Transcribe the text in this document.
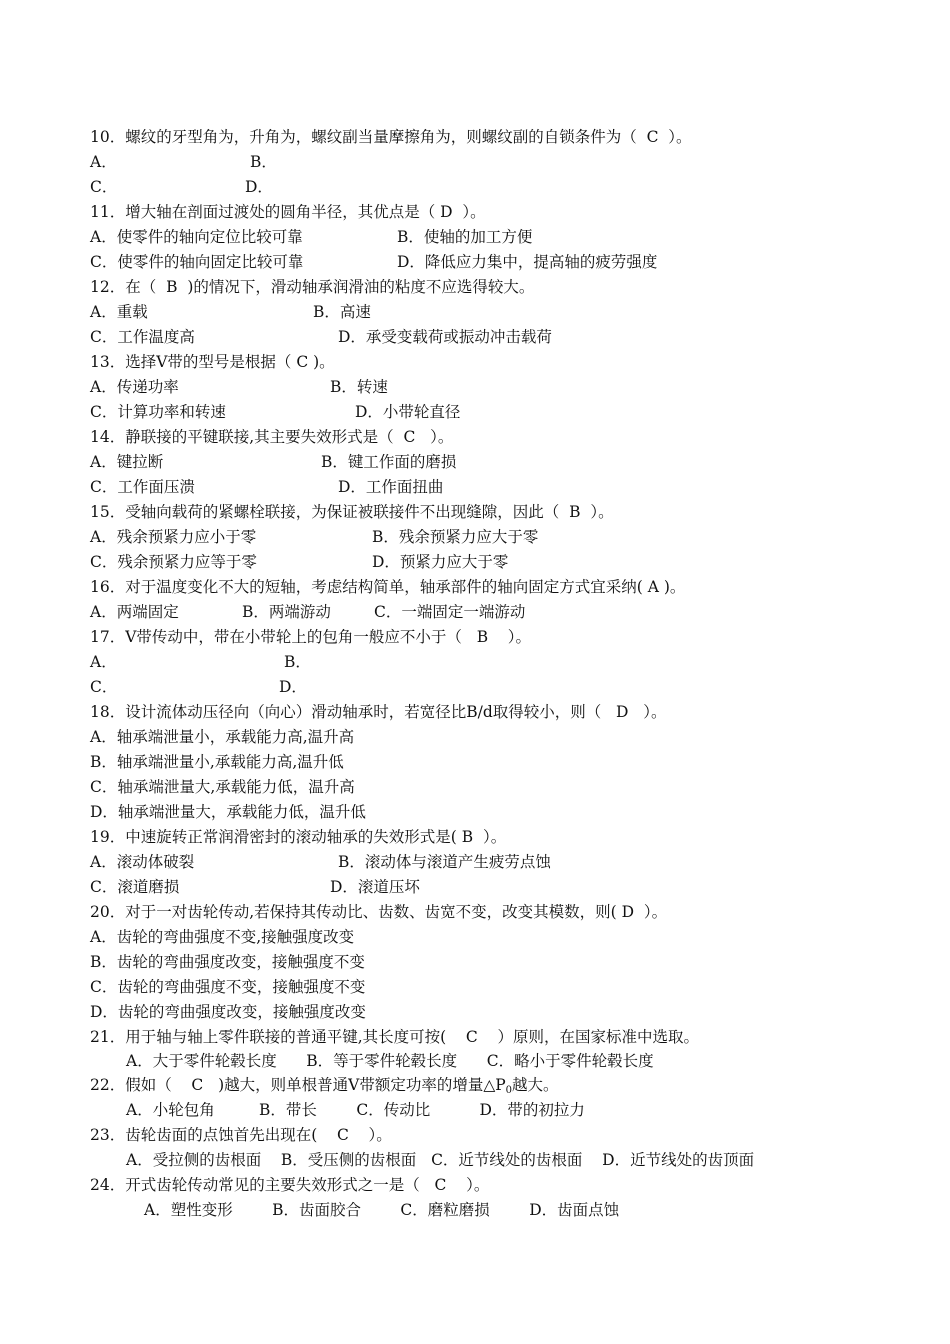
10．螺纹的牙型角为，升角为，螺纹副当量摩擦角为，则螺纹副的自锁条件为（  C  ）。
A．	B．
C．	D．
11．增大轴在剖面过渡处的圆角半径，其优点是（ D  ）。
A．使零件的轴向定位比较可靠	B．使轴的加工方便
C．使零件的轴向固定比较可靠	D．降低应力集中，提高轴的疲劳强度
12．在（  B  )的情况下，滑动轴承润滑油的粘度不应选得较大。
A．重载	B．高速
C．工作温度高	D．承受变载荷或振动冲击载荷
13．选择V带的型号是根据（ C )。
A．传递功率	B．转速
C．计算功率和转速	D．小带轮直径
14．静联接的平键联接,其主要失效形式是（  C   ）。
A．键拉断	B．键工作面的磨损
C．工作面压溃	D．工作面扭曲
15．受轴向载荷的紧螺栓联接，为保证被联接件不出现缝隙，因此（  B  ）。
A．残余预紧力应小于零	B．残余预紧力应大于零
C．残余预紧力应等于零	D．预紧力应大于零
16．对于温度变化不大的短轴，考虑结构简单，轴承部件的轴向固定方式宜采纳( A )。
A．两端固定	B．两端游动	C．一端固定一端游动
17．V带传动中，带在小带轮上的包角一般应不小于（   B    ）。
A．	B．
C．	D．
18．设计流体动压径向（向心）滑动轴承时，若宽径比B/d取得较小，则（   D   ）。
A．轴承端泄量小，承载能力高,温升高
B．轴承端泄量小,承载能力高,温升低
C．轴承端泄量大,承载能力低，温升高
D．轴承端泄量大，承载能力低，温升低
19．中速旋转正常润滑密封的滚动轴承的失效形式是( B  ）。
A．滚动体破裂	B．滚动体与滚道产生疲劳点蚀
C．滚道磨损	D．滚道压坏
20．对于一对齿轮传动,若保持其传动比、齿数、齿宽不变，改变其模数，则( D  ）。
A．齿轮的弯曲强度不变,接触强度改变
B．齿轮的弯曲强度改变，接触强度不变
C．齿轮的弯曲强度不变，接触强度不变
D．齿轮的弯曲强度改变，接触强度改变
21．用于轴与轴上零件联接的普通平键,其长度可按(    C    ）原则，在国家标准中选取。
A．大于零件轮毂长度      B．等于零件轮毂长度      C．略小于零件轮毂长度
22．假如（    C   )越大，则单根普通V带额定功率的增量$\triangle P_0$越大。
A．小轮包角         B．带长        C．传动比          D．带的初拉力
23．齿轮齿面的点蚀首先出现在(    C    ）。
A．受拉侧的齿根面    B．受压侧的齿根面   C．近节线处的齿根面    D．近节线处的齿顶面
24．开式齿轮传动常见的主要失效形式之一是（   C    ）。
A．塑性变形        B．齿面胶合        C．磨粒磨损        D．齿面点蚀
